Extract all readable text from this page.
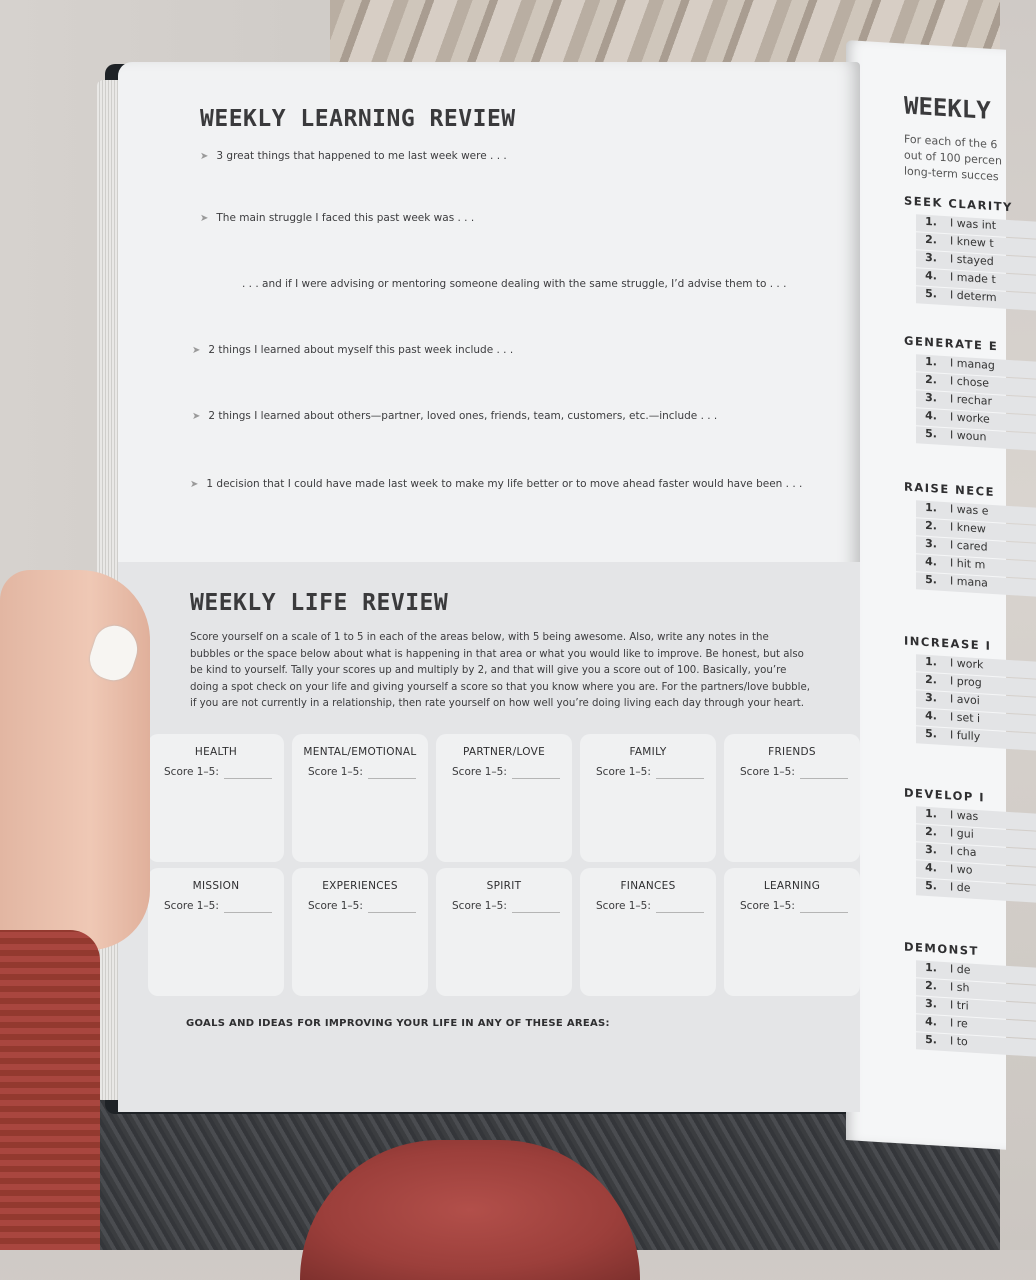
WEEKLY
For each of the 6
out of 100 percen
long-term succes
SEEK CLARITY
1.	I was int
2.	I knew t
3.	I stayed
4.	I made t
5.	I determ
GENERATE E
1.	I manag
2.	I chose
3.	I rechar
4.	I worke
5.	I woun
RAISE NECE
1.	I was e
2.	I knew
3.	I cared
4.	I hit m
5.	I mana
INCREASE I
1.	I work
2.	I prog
3.	I avoi
4.	I set i
5.	I fully
DEVELOP I
1.	I was
2.	I gui
3.	I cha
4.	I wo
5.	I de
DEMONST
1.	I de
2.	I sh
3.	I tri
4.	I re
5.	I to
WEEKLY LEARNING REVIEW
➤ 3 great things that happened to me last week were . . .
➤ The main struggle I faced this past week was . . .
. . . and if I were advising or mentoring someone dealing with the same struggle, I’d advise them to . . .
➤ 2 things I learned about myself this past week include . . .
➤ 2 things I learned about others—partner, loved ones, friends, team, customers, etc.—include . . .
➤ 1 decision that I could have made last week to make my life better or to move ahead faster would have been . . .
WEEKLY LIFE REVIEW
Score yourself on a scale of 1 to 5 in each of the areas below, with 5 being awesome. Also, write any notes in the bubbles or the space below about what is happening in that area or what you would like to improve. Be honest, but also be kind to yourself. Tally your scores up and multiply by 2, and that will give you a score out of 100. Basically, you’re doing a spot check on your life and giving yourself a score so that you know where you are. For the partners/love bubble, if you are not currently in a relationship, then rate yourself on how well you’re doing living each day through your heart.
HEALTH
Score 1–5:
MENTAL/EMOTIONAL
Score 1–5:
PARTNER/LOVE
Score 1–5:
FAMILY
Score 1–5:
FRIENDS
Score 1–5:
MISSION
Score 1–5:
EXPERIENCES
Score 1–5:
SPIRIT
Score 1–5:
FINANCES
Score 1–5:
LEARNING
Score 1–5:
GOALS AND IDEAS FOR IMPROVING YOUR LIFE IN ANY OF THESE AREAS:
